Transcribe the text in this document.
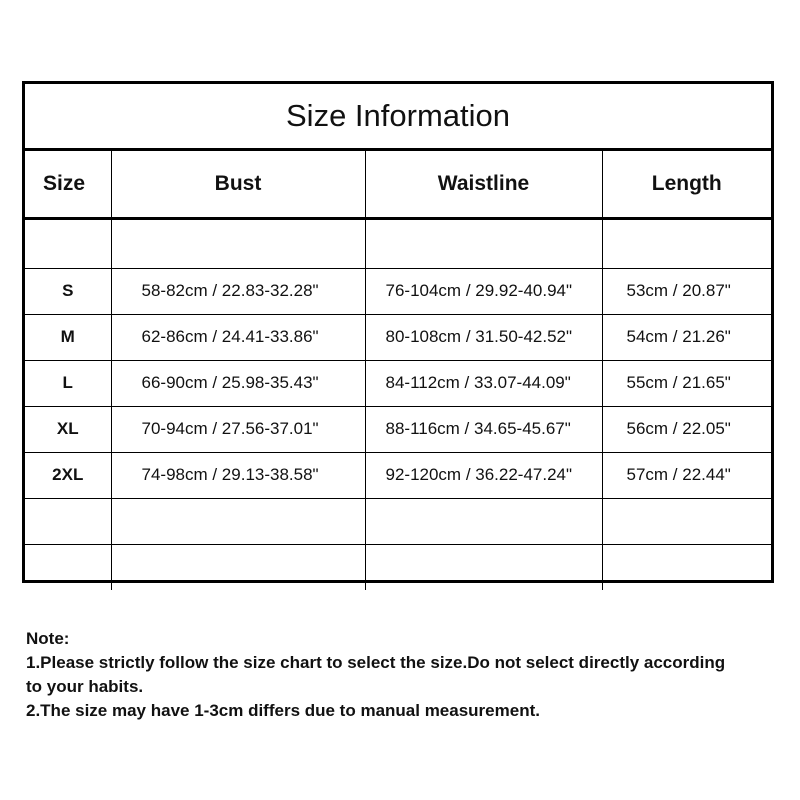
Size Information
Size	Bust	Waistline	Length

S	58-82cm / 22.83-32.28"	76-104cm / 29.92-40.94"	53cm / 20.87"
M	62-86cm / 24.41-33.86"	80-108cm / 31.50-42.52"	54cm / 21.26"
L	66-90cm / 25.98-35.43"	84-112cm / 33.07-44.09"	55cm / 21.65"
XL	70-94cm / 27.56-37.01"	88-116cm / 34.65-45.67"	56cm / 22.05"
2XL	74-98cm / 29.13-38.58"	92-120cm / 36.22-47.24"	57cm / 22.44"

Note:

1.Please strictly follow the size chart to select the size.Do not select directly according

to your habits.

2.The size may have 1-3cm differs due to manual measurement.
